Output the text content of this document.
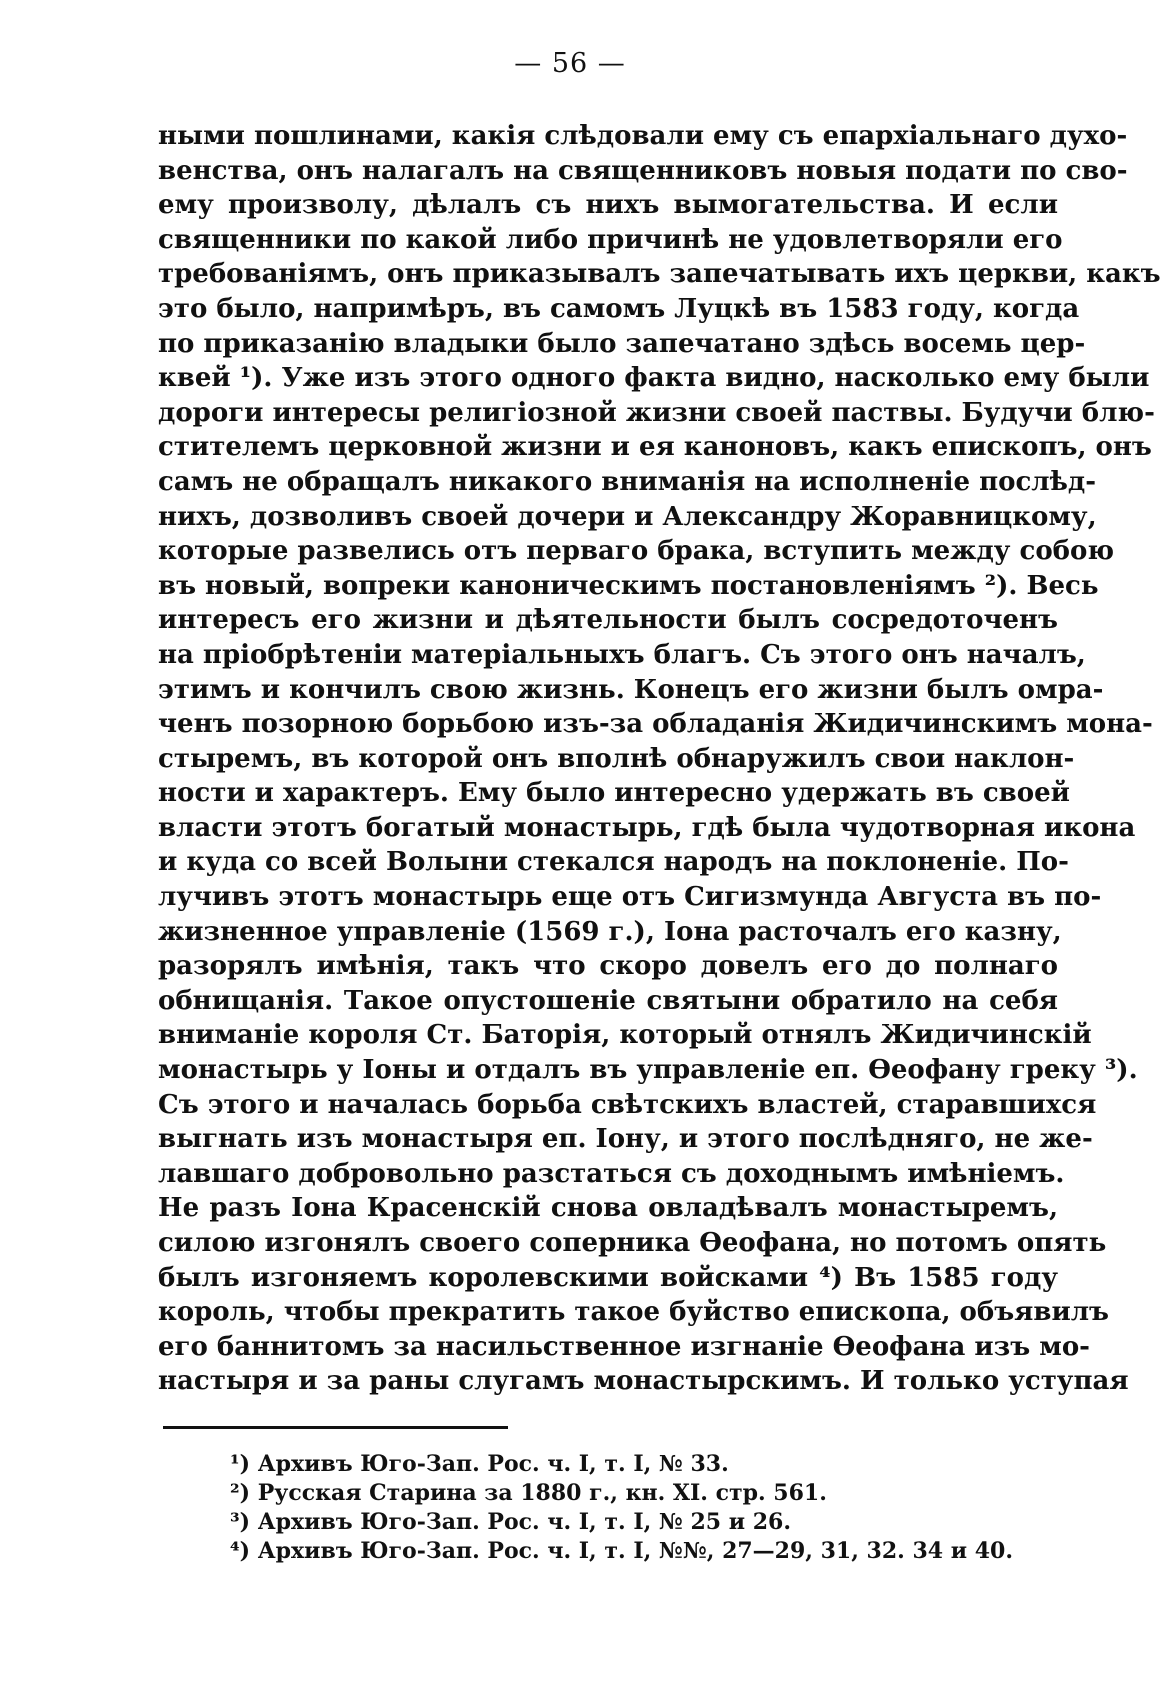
— 56 —
ными пошлинами, какія слѣдовали ему съ епархіальнаго духо-
венства, онъ налагалъ на священниковъ новыя подати по сво-
ему произволу, дѣлалъ съ нихъ вымогательства. И если
священники по какой либо причинѣ не удовлетворяли его
требованіямъ, онъ приказывалъ запечатывать ихъ церкви, какъ
это было, напримѣръ, въ самомъ Луцкѣ въ 1583 году, когда
по приказанію владыки было запечатано здѣсь восемь цер-
квей ¹). Уже изъ этого одного факта видно, насколько ему были
дороги интересы религіозной жизни своей паствы. Будучи блю-
стителемъ церковной жизни и ея каноновъ, какъ епископъ, онъ
самъ не обращалъ никакого вниманія на исполненіе послѣд-
нихъ, дозволивъ своей дочери и Александру Жоравницкому,
которые развелись отъ перваго брака, вступить между собою
въ новый, вопреки каноническимъ постановленіямъ ²). Весь
интересъ его жизни и дѣятельности былъ сосредоточенъ
на пріобрѣтеніи матеріальныхъ благъ. Съ этого онъ началъ,
этимъ и кончилъ свою жизнь. Конецъ его жизни былъ омра-
ченъ позорною борьбою изъ-за обладанія Жидичинскимъ мона-
стыремъ, въ которой онъ вполнѣ обнаружилъ свои наклон-
ности и характеръ. Ему было интересно удержать въ своей
власти этотъ богатый монастырь, гдѣ была чудотворная икона
и куда со всей Волыни стекался народъ на поклоненіе. По-
лучивъ этотъ монастырь еще отъ Сигизмунда Августа въ по-
жизненное управленіе (1569 г.), Іона расточалъ его казну,
разорялъ имѣнія, такъ что скоро довелъ его до полнаго
обнищанія. Такое опустошеніе святыни обратило на себя
вниманіе короля Ст. Баторія, который отнялъ Жидичинскій
монастырь у Іоны и отдалъ въ управленіе еп. Ѳеофану греку ³).
Съ этого и началась борьба свѣтскихъ властей, старавшихся
выгнать изъ монастыря еп. Іону, и этого послѣдняго, не же-
лавшаго добровольно разстаться съ доходнымъ имѣніемъ.
Не разъ Іона Красенскій снова овладѣвалъ монастыремъ,
силою изгонялъ своего соперника Ѳеофана, но потомъ опять
былъ изгоняемъ королевскими войсками ⁴) Въ 1585 году
король, чтобы прекратить такое буйство епископа, объявилъ
его баннитомъ за насильственное изгнаніе Ѳеофана изъ мо-
настыря и за раны слугамъ монастырскимъ. И только уступая
¹) Архивъ Юго-Зап. Рос. ч. I, т. I, № 33.
²) Русская Старина за 1880 г., кн. XI. стр. 561.
³) Архивъ Юго-Зап. Рос. ч. I, т. I, № 25 и 26.
⁴) Архивъ Юго-Зап. Рос. ч. I, т. I, №№, 27—29, 31, 32. 34 и 40.
